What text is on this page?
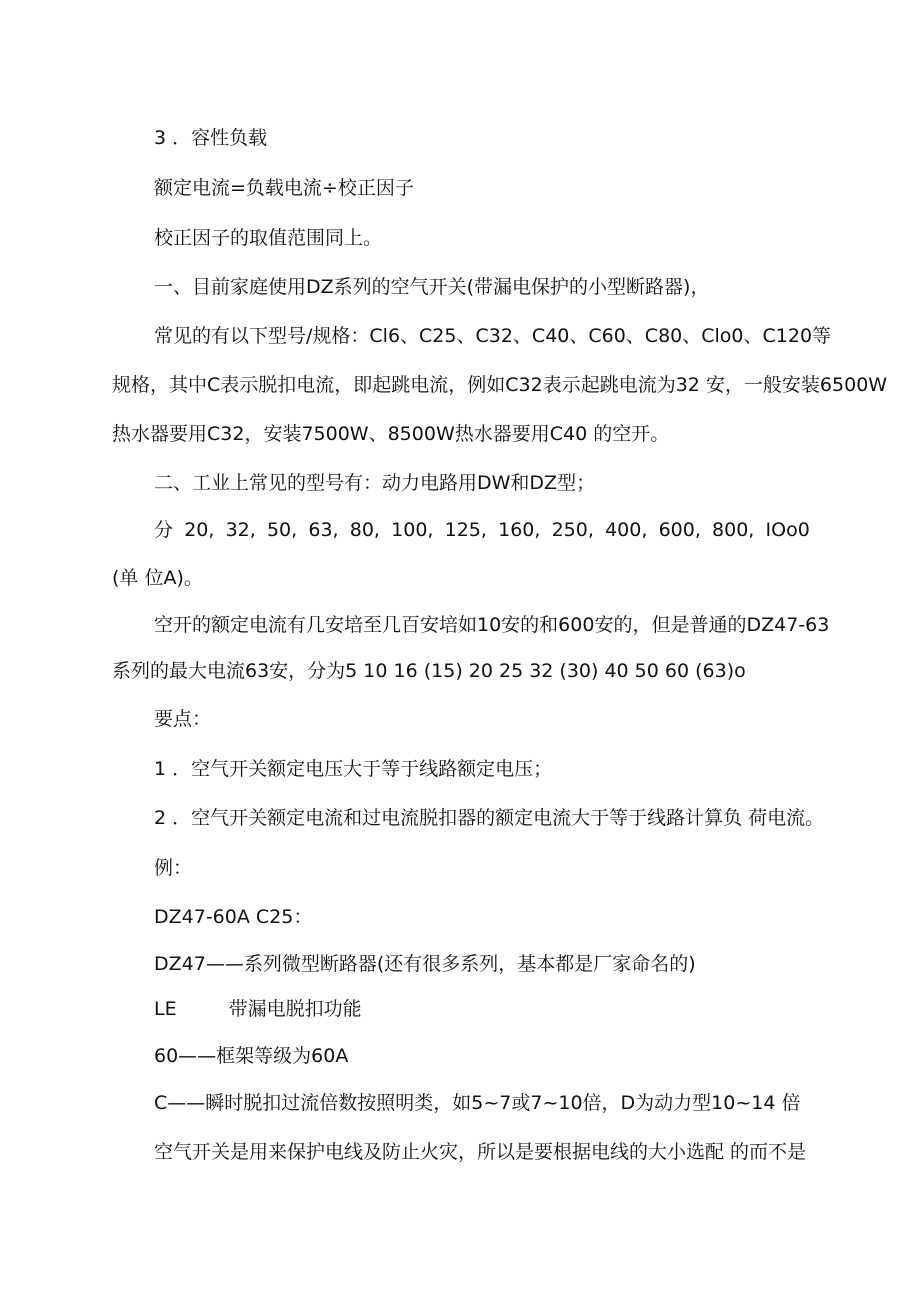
3 ．容性负载
额定电流=负载电流÷校正因子
校正因子的取值范围同上。
一、目前家庭使用DZ系列的空气开关(带漏电保护的小型断路器)，
常见的有以下型号/规格：Cl6、C25、C32、C40、C60、C80、Clo0、C120 等
规格，其中C表示脱扣电流，即起跳电流，例如C32表示起跳电流为32 安，一般安装6500W
热水器要用C32，安装7500W、8500W热水器要用C40 的空开。
二、工业上常见的型号有：动力电路用DW和DZ型；
分 20, 32, 50, 63, 80, 100, 125, 160, 250, 400, 600, 800, IOo0
(单 位A)。
空开的额定电流有几安培至几百安培如10安的和600安的，但是普通 的DZ47 -63
系列的最大电流63安，分为5 10 16 (15) 20 25 32 (30) 40 50 60 (63)o
要点：
1 ．空气开关额定电压大于等于线路额定电压；
2 ．空气开关额定电流和过电流脱扣器的额定电流大于等于线路计算负 荷电流。
例：
DZ47-60A C25：
DZ47——系列微型断路器(还有很多系列，基本都是厂家命名的)
LE	带漏电脱扣功能
60——框架等级为60A
C——瞬时脱扣过流倍数按照明类，如5~7或7~10倍，D为动力型10~14 倍
空气开关是用来保护电线及防止火灾，所以是要根据电线的大小选配 的而不是
